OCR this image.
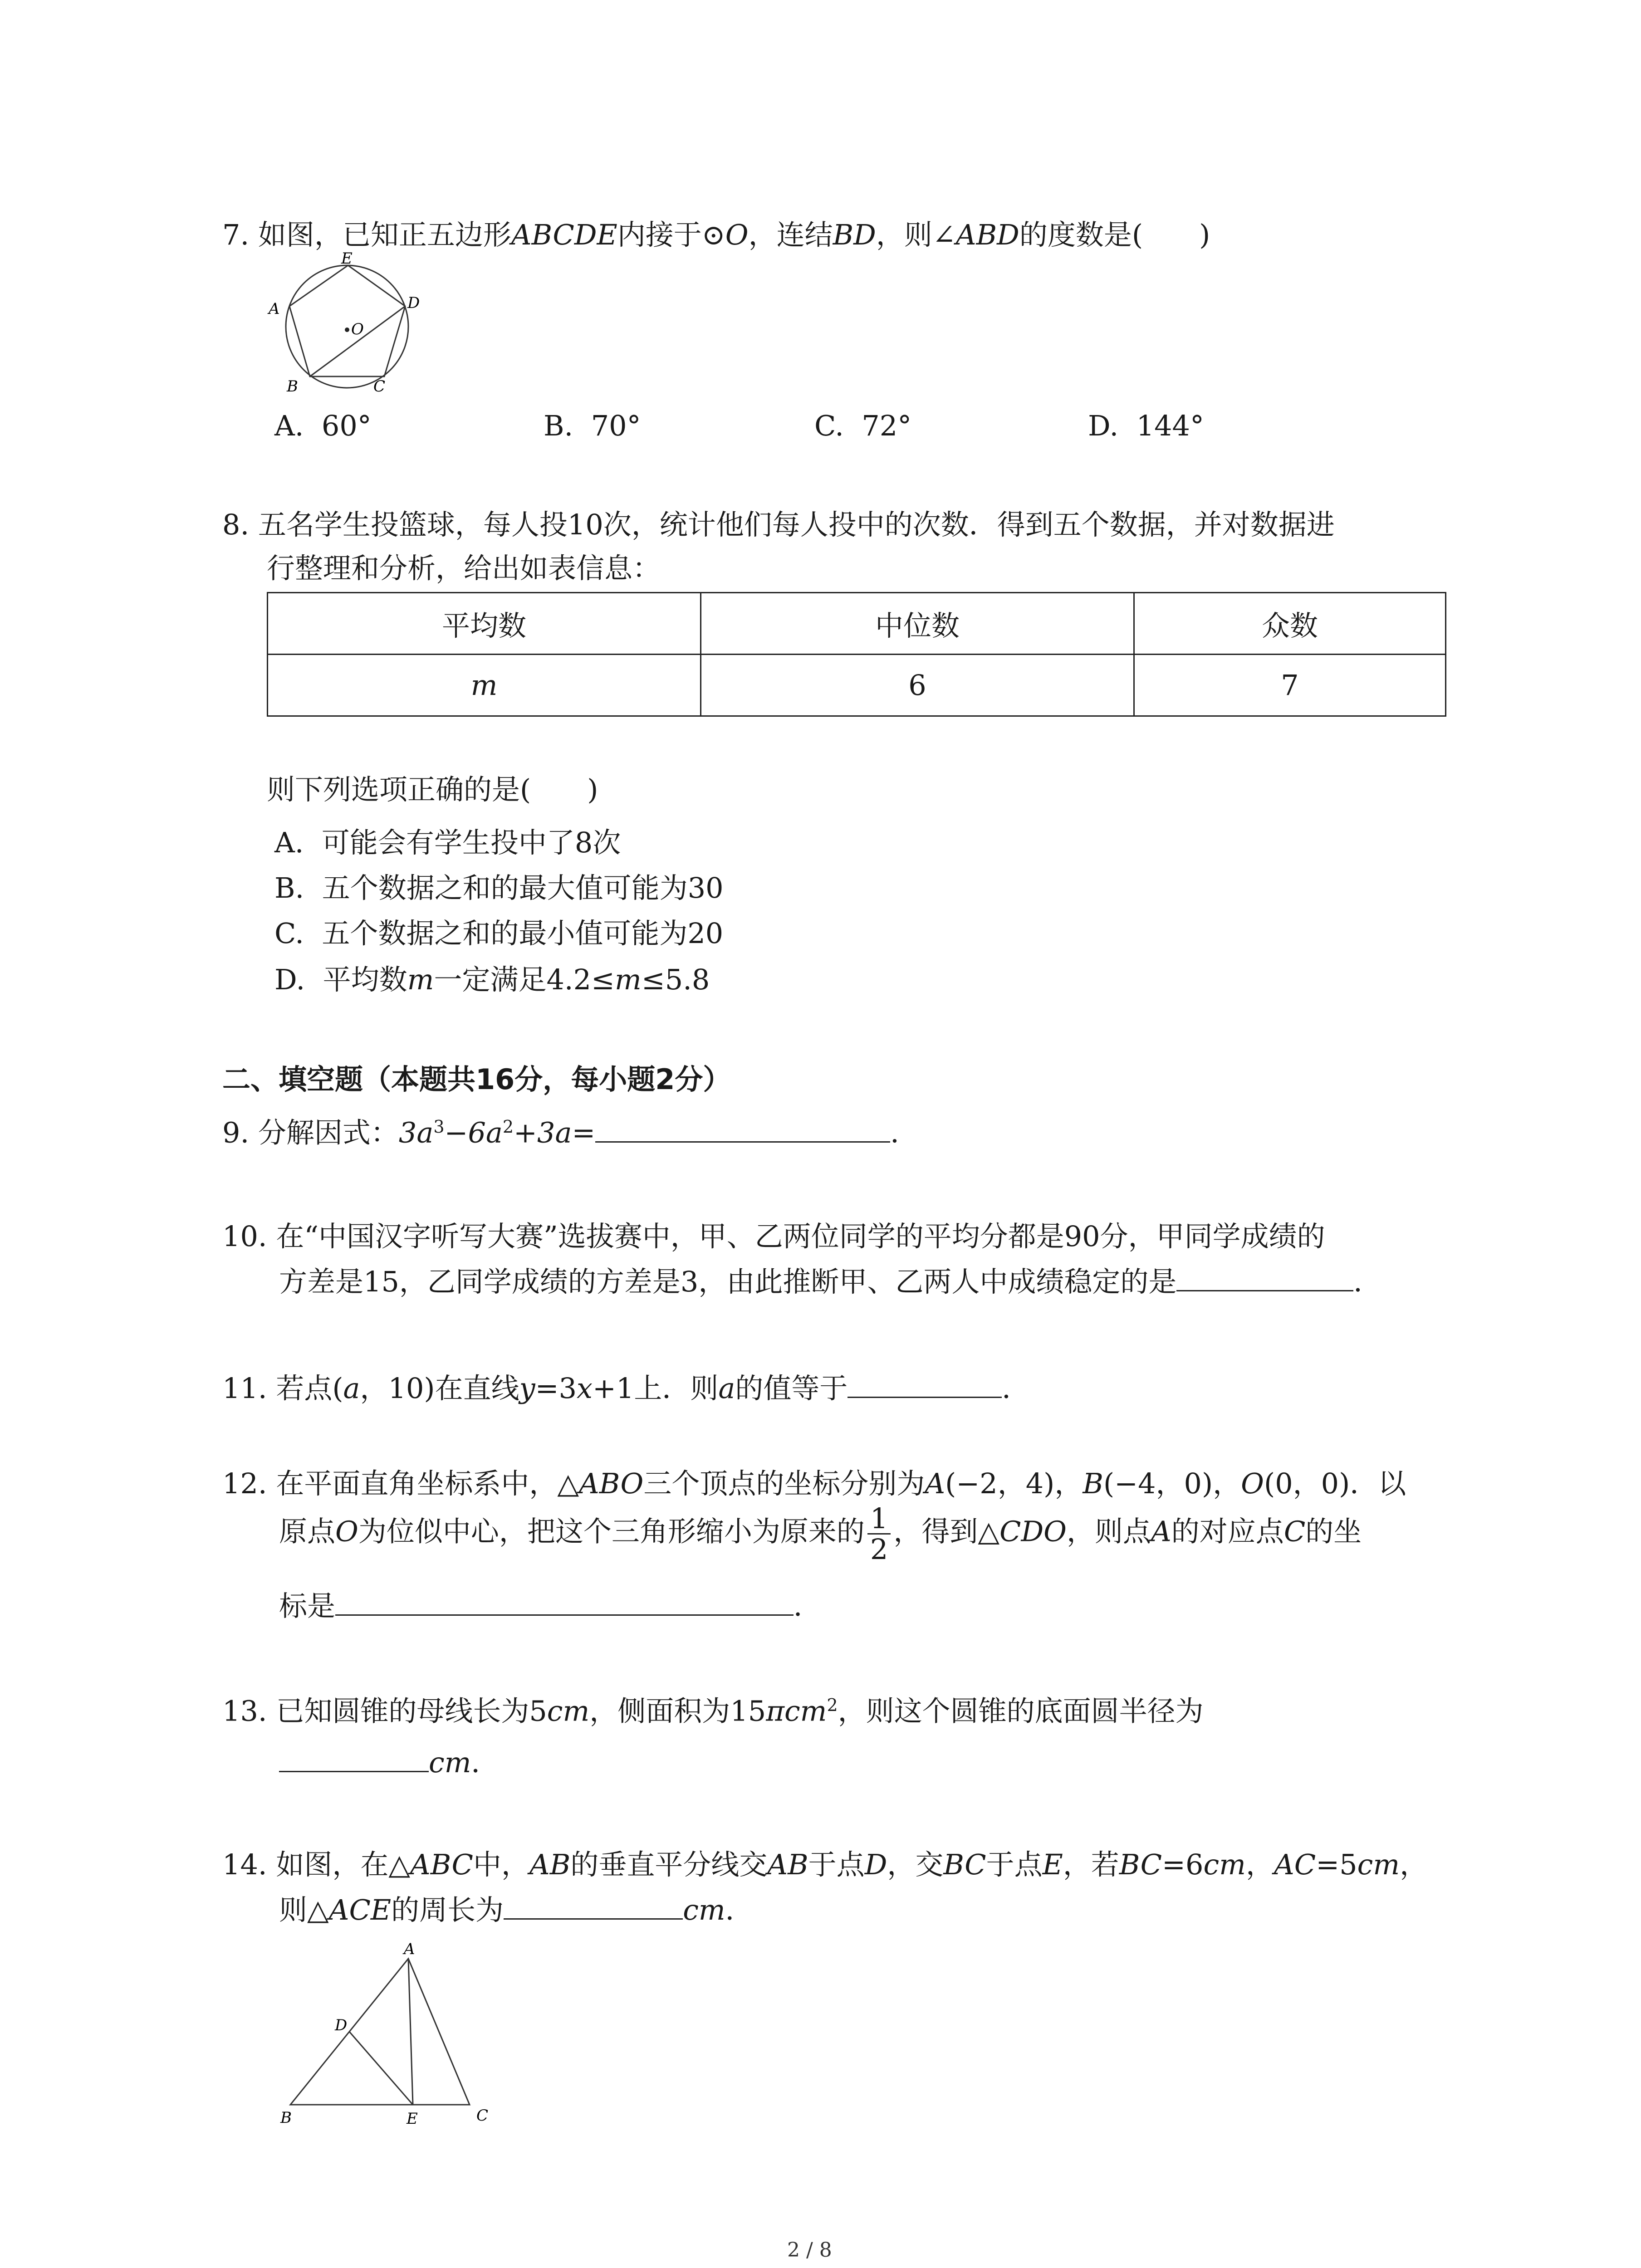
7. 如图，已知正五边形ABCDE内接于⊙O，连结BD，则∠ABD的度数是(　　)
E
D
A
B	C
O
A. 60°	B. 70°	C. 72°	D. 144°
8. 五名学生投篮球，每人投10次，统计他们每人投中的次数．得到五个数据，并对数据进
行整理和分析，给出如表信息：
平均数	中位数	众数
m	6	7
则下列选项正确的是(　　)
A. 可能会有学生投中了8次
B. 五个数据之和的最大值可能为30
C. 五个数据之和的最小值可能为20
D. 平均数m一定满足4.2≤m≤5.8
二、填空题（本题共16分，每小题2分）
9. 分解因式：$3a^3-6a^2+3a=$	．
10. 在“中国汉字听写大赛”选拔赛中，甲、乙两位同学的平均分都是90分，甲同学成绩的
方差是15，乙同学成绩的方差是3，由此推断甲、乙两人中成绩稳定的是	．
11. 若点(a，10)在直线y=3x+1上．则a的值等于	．
12. 在平面直角坐标系中，△ABO三个顶点的坐标分别为A(−2，4)，B(−4，0)，O(0，0)．以
原点O为位似中心，把这个三角形缩小为原来的 $\frac{1}{2}$ ，得到△CDO，则点A的对应点C的坐
标是	．
13. 已知圆锥的母线长为5cm，侧面积为15πcm$^2$，则这个圆锥的底面圆半径为
cm．
14. 如图，在△ABC中，AB的垂直平分线交AB于点D，交BC于点E，若BC=6cm，AC=5cm，
则△ACE的周长为	cm．
A
D
B	E	C
2 / 8
